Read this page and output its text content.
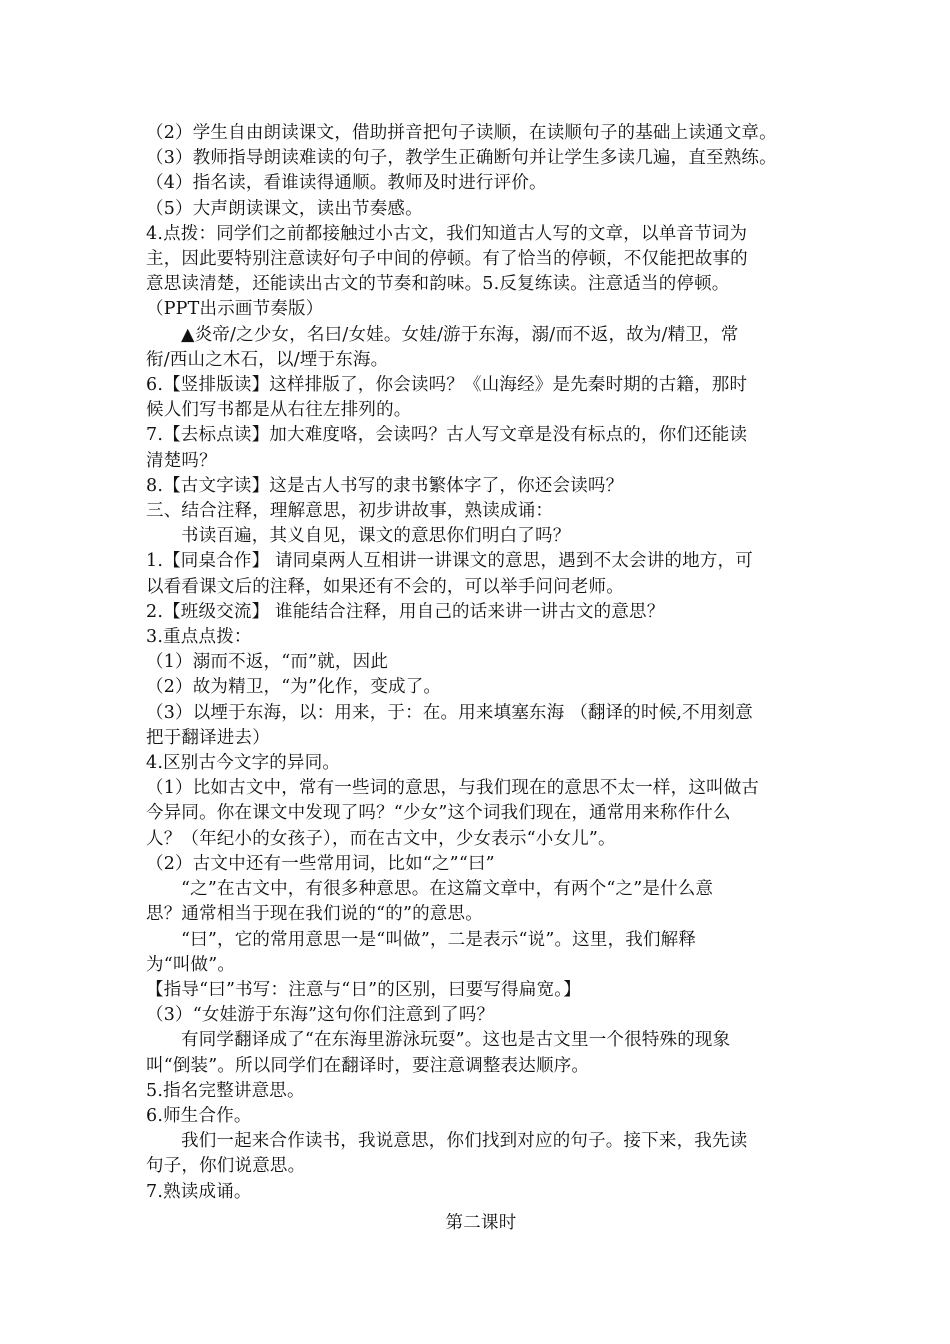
（2）学生自由朗读课文，借助拼音把句子读顺，在读顺句子的基础上读通文章。
（3）教师指导朗读难读的句子，教学生正确断句并让学生多读几遍，直至熟练。
（4）指名读，看谁读得通顺。教师及时进行评价。
（5）大声朗读课文，读出节奏感。
4.点拨：同学们之前都接触过小古文，我们知道古人写的文章，以单音节词为
主，因此要特别注意读好句子中间的停顿。有了恰当的停顿，不仅能把故事的
意思读清楚，还能读出古文的节奏和韵味。5.反复练读。注意适当的停顿。
（PPT出示画节奏版）
▲炎帝/之少女，名曰/女娃。女娃/游于东海，溺/而不返，故为/精卫，常
衔/西山之木石，以/堙于东海。
6.【竖排版读】这样排版了，你会读吗？《山海经》是先秦时期的古籍，那时
候人们写书都是从右往左排列的。
7.【去标点读】加大难度咯，会读吗？古人写文章是没有标点的，你们还能读
清楚吗？
8.【古文字读】这是古人书写的隶书繁体字了，你还会读吗？
三、结合注释，理解意思，初步讲故事，熟读成诵：
书读百遍，其义自见，课文的意思你们明白了吗？
1.【同桌合作】 请同桌两人互相讲一讲课文的意思，遇到不太会讲的地方，可
以看看课文后的注释，如果还有不会的，可以举手问问老师。
2.【班级交流】 谁能结合注释，用自己的话来讲一讲古文的意思？
3.重点点拨：
（1）溺而不返，“而”就，因此
（2）故为精卫，“为”化作，变成了。
（3）以堙于东海，以：用来，于：在。用来填塞东海 （翻译的时候,不用刻意
把于翻译进去）
4.区别古今文字的异同。
（1）比如古文中，常有一些词的意思，与我们现在的意思不太一样，这叫做古
今异同。你在课文中发现了吗？“少女”这个词我们现在，通常用来称作什么
人？（年纪小的女孩子），而在古文中，少女表示“小女儿”。
（2）古文中还有一些常用词，比如“之”“曰”
“之”在古文中，有很多种意思。在这篇文章中，有两个“之”是什么意
思？通常相当于现在我们说的“的”的意思。
“曰”，它的常用意思一是“叫做”，二是表示“说”。这里，我们解释
为“叫做”。
【指导“曰”书写：注意与“日”的区别，曰要写得扁宽。】
（3）“女娃游于东海”这句你们注意到了吗？
有同学翻译成了“在东海里游泳玩耍”。这也是古文里一个很特殊的现象
叫“倒装”。所以同学们在翻译时，要注意调整表达顺序。
5.指名完整讲意思。
6.师生合作。
我们一起来合作读书，我说意思，你们找到对应的句子。接下来，我先读
句子，你们说意思。
7.熟读成诵。
第二课时
